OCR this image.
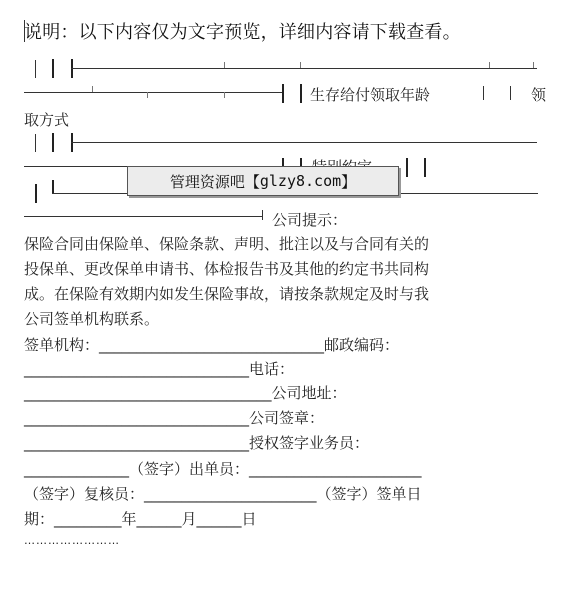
说明：以下内容仅为文字预览，详细内容请下载查看。
生存给付领取年龄	领
取方式
管理资源吧【 glzy8.com 】
公司提示：
保险合同由保险单、保险条款、声明、批注以及与合同有关的
投保单、更改保单申请书、体检报告书及其他的约定书共同构
成。在保险有效期内如发生保险事故，请按条款规定及时与我
公司签单机构联系。
签单机构：______________________________邮政编码：
______________________________电话：
_________________________________公司地址：
______________________________公司签章：
______________________________授权签字业务员：
______________（签字）出单员：_______________________
（签字）复核员：_______________________（签字）签单日
期：_________年______月______日
……………………
